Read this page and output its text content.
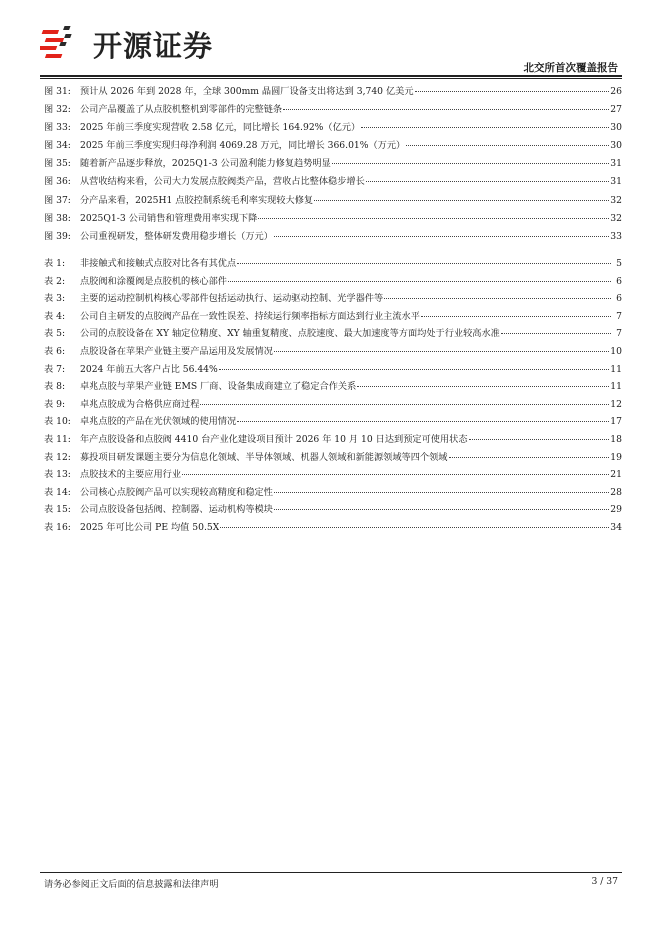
开源证券
北交所首次覆盖报告
图 31: 预计从 2026 年到 2028 年，全球 300mm 晶圆厂设备支出将达到 3,740 亿美元	26
图 32: 公司产品覆盖了从点胶机整机到零部件的完整链条	27
图 33: 2025 年前三季度实现营收 2.58 亿元，同比增长 164.92%（亿元）	30
图 34: 2025 年前三季度实现归母净利润 4069.28 万元，同比增长 366.01%（万元）	30
图 35: 随着新产品逐步释放，2025Q1-3 公司盈利能力修复趋势明显	31
图 36: 从营收结构来看，公司大力发展点胶阀类产品，营收占比整体稳步增长	31
图 37: 分产品来看，2025H1 点胶控制系统毛利率实现较大修复	32
图 38: 2025Q1-3 公司销售和管理费用率实现下降	32
图 39: 公司重视研发，整体研发费用稳步增长（万元）	33
表 1:	非接触式和接触式点胶对比各有其优点	5
表 2:	点胶阀和涂覆阀是点胶机的核心部件	6
表 3:	主要的运动控制机构核心零部件包括运动执行、运动驱动控制、光学器件等	6
表 4:	公司自主研发的点胶阀产品在一致性误差、持续运行频率指标方面达到行业主流水平	7
表 5:	公司的点胶设备在 XY 轴定位精度、XY 轴重复精度、点胶速度、最大加速度等方面均处于行业较高水准	7
表 6:	点胶设备在苹果产业链主要产品运用及发展情况	10
表 7:	2024 年前五大客户占比 56.44%	11
表 8:	卓兆点胶与苹果产业链 EMS 厂商、设备集成商建立了稳定合作关系	11
表 9:	卓兆点胶成为合格供应商过程	12
表 10: 卓兆点胶的产品在光伏领域的使用情况	17
表 11: 年产点胶设备和点胶阀 4410 台产业化建设项目预计 2026 年 10 月 10 日达到预定可使用状态	18
表 12: 募投项目研发课题主要分为信息化领域、半导体领域、机器人领域和新能源领域等四个领域	19
表 13: 点胶技术的主要应用行业	21
表 14: 公司核心点胶阀产品可以实现较高精度和稳定性	28
表 15: 公司点胶设备包括阀、控制器、运动机构等模块	29
表 16: 2025 年可比公司 PE 均值 50.5X	34
请务必参阅正文后面的信息披露和法律声明	3 / 37
